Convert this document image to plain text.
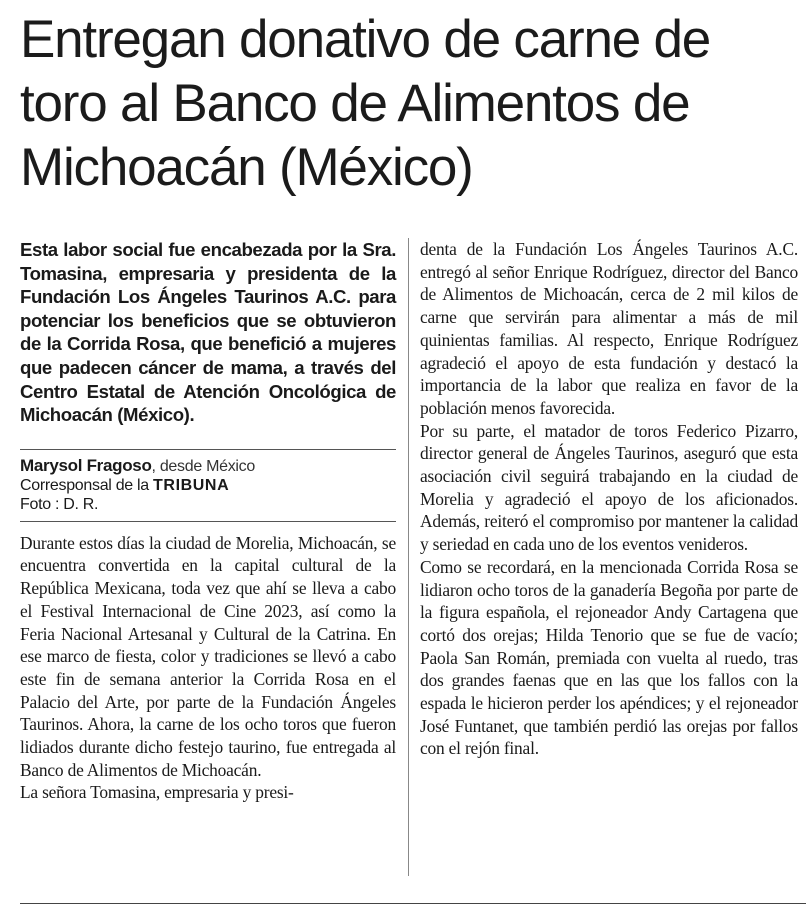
Entregan donativo de carne de toro al Banco de Alimentos de Michoacán (México)

Esta labor social fue encabezada por la Sra. Tomasina, empresaria y presidenta de la Fundación Los Ángeles Taurinos A.C. para potenciar los beneficios que se obtuvieron de la Corrida Rosa, que benefició a mujeres que padecen cáncer de mama, a través del Centro Estatal de Atención Oncológica de Michoacán (México).

Marysol Fragoso, desde México
Corresponsal de la TRIBUNA
Foto : D. R.

Durante estos días la ciudad de Morelia, Michoacán, se encuentra convertida en la capital cultural de la República Mexicana, toda vez que ahí se lleva a cabo el Festival Internacional de Cine 2023, así como la Feria Nacional Artesanal y Cultural de la Catrina. En ese marco de fiesta, color y tradiciones se llevó a cabo este fin de semana anterior la Corrida Rosa en el Palacio del Arte, por parte de la Fundación Ángeles Taurinos. Ahora, la carne de los ocho toros que fueron lidiados durante dicho festejo taurino, fue entregada al Banco de Alimentos de Michoacán.

La señora Tomasina, empresaria y presi-

denta de la Fundación Los Ángeles Taurinos A.C. entregó al señor Enrique Rodríguez, director del Banco de Alimentos de Michoacán, cerca de 2 mil kilos de carne que servirán para alimentar a más de mil quinientas familias. Al respecto, Enrique Rodríguez agradeció el apoyo de esta fundación y destacó la importancia de la labor que realiza en favor de la población menos favorecida.

Por su parte, el matador de toros Federico Pizarro, director general de Ángeles Taurinos, aseguró que esta asociación civil seguirá trabajando en la ciudad de Morelia y agradeció el apoyo de los aficionados. Además, reiteró el compromiso por mantener la calidad y seriedad en cada uno de los eventos venideros.

Como se recordará, en la mencionada Corrida Rosa se lidiaron ocho toros de la ganadería Begoña por parte de la figura española, el rejoneador Andy Cartagena que cortó dos orejas; Hilda Tenorio que se fue de vacío; Paola San Román, premiada con vuelta al ruedo, tras dos grandes faenas que en las que los fallos con la espada le hicieron perder los apéndices; y el rejoneador José Funtanet, que también perdió las orejas por fallos con el rejón final.
